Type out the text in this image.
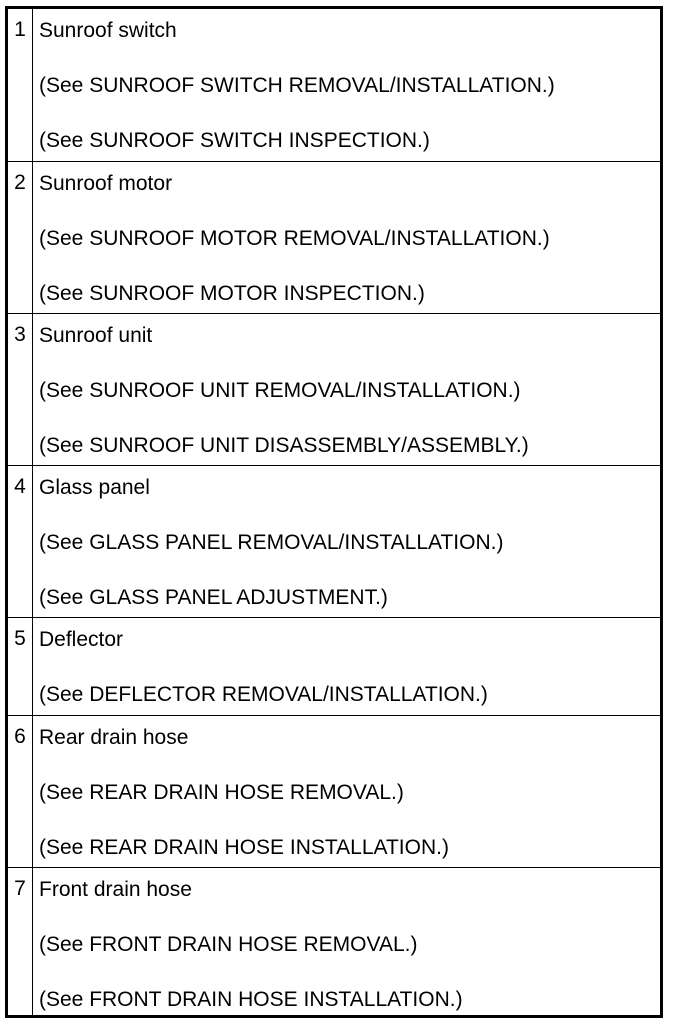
1 Sunroof switch
(See SUNROOF SWITCH REMOVAL/INSTALLATION.)
(See SUNROOF SWITCH INSPECTION.)
2 Sunroof motor
(See SUNROOF MOTOR REMOVAL/INSTALLATION.)
(See SUNROOF MOTOR INSPECTION.)
3 Sunroof unit
(See SUNROOF UNIT REMOVAL/INSTALLATION.)
(See SUNROOF UNIT DISASSEMBLY/ASSEMBLY.)
4 Glass panel
(See GLASS PANEL REMOVAL/INSTALLATION.)
(See GLASS PANEL ADJUSTMENT.)
5 Deflector
(See DEFLECTOR REMOVAL/INSTALLATION.)
6 Rear drain hose
(See REAR DRAIN HOSE REMOVAL.)
(See REAR DRAIN HOSE INSTALLATION.)
7 Front drain hose
(See FRONT DRAIN HOSE REMOVAL.)
(See FRONT DRAIN HOSE INSTALLATION.)
